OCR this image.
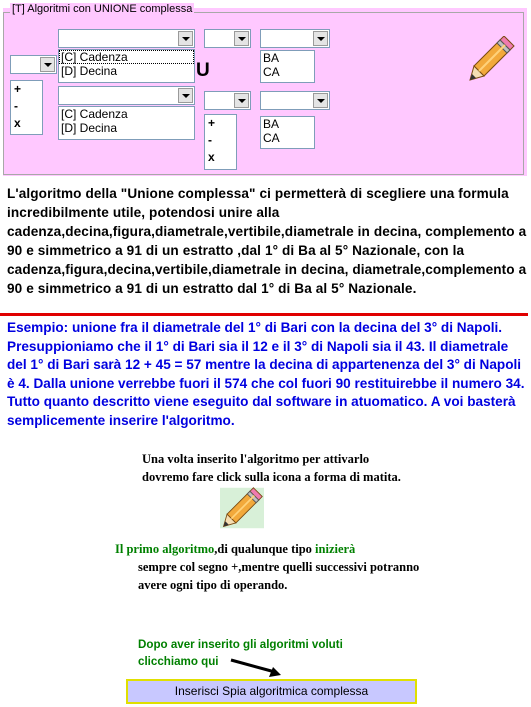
[T] Algoritmi con UNIONE complessa
[C] Cadenza
[D] Decina
BA
CA
+
-
x
U
[C] Cadenza
[D] Decina	+
-
x
BA
CA
L'algoritmo della "Unione complessa" ci permetterà di scegliere una formula incredibilmente utile, potendosi unire alla cadenza,decina,figura,diametrale,vertibile,diametrale in decina, complemento a 90 e simmetrico a 91 di un estratto ,dal 1° di Ba al 5° Nazionale, con la cadenza,figura,decina,vertibile,diametrale in decina, diametrale,complemento a 90 e simmetrico a 91 di un estratto dal 1° di Ba al 5° Nazionale.
Esempio: unione fra il diametrale del 1° di Bari con la decina del 3° di Napoli. Presuppioniamo che il 1° di Bari sia il 12 e il 3° di Napoli sia il 43. Il diametrale del 1° di Bari sarà 12 + 45 = 57 mentre la decina di appartenenza del 3° di Napoli è 4. Dalla unione verrebbe fuori il 574 che col fuori 90 restituirebbe il numero 34. Tutto quanto descritto viene eseguito dal software in atuomatico. A voi basterà semplicemente inserire l'algoritmo.
Una volta inserito l'algoritmo per attivarlo dovremo fare click sulla icona a forma di matita.
Il primo algoritmo,di qualunque tipo inizierà
sempre col segno +,mentre quelli successivi potranno avere ogni tipo di operando.
Dopo aver inserito gli algoritmi voluti
clicchiamo qui
Inserisci Spia algoritmica complessa
